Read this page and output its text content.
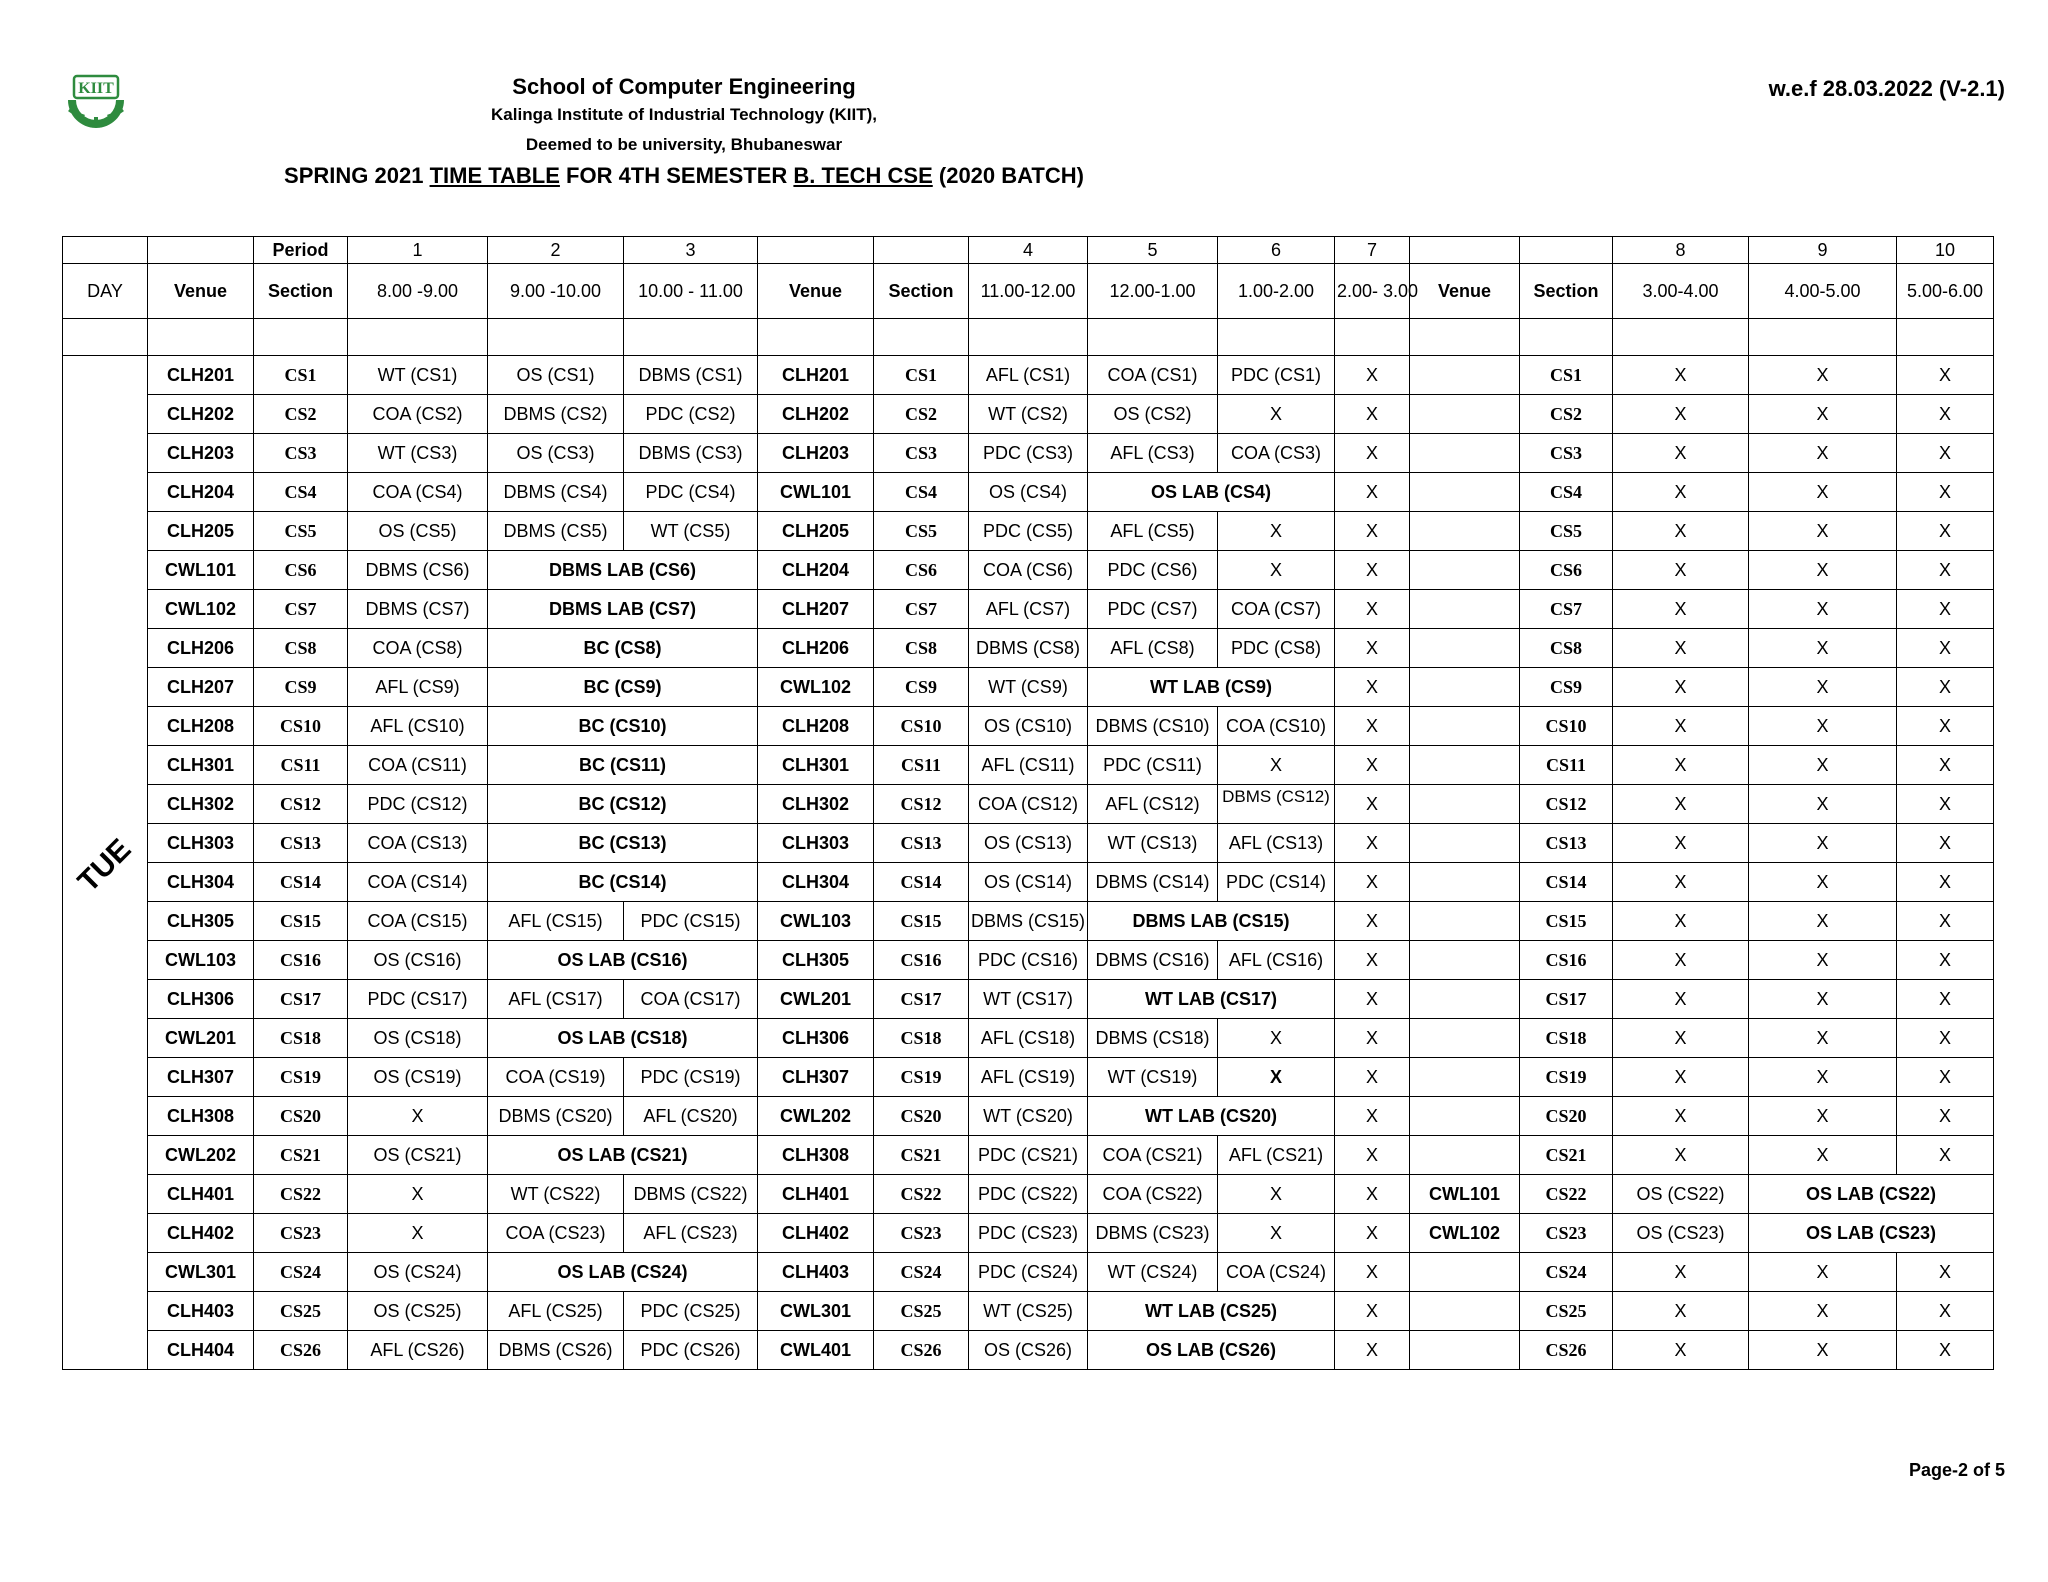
KIIT	School of Computer Engineering
Kalinga Institute of Industrial Technology (KIIT),
Deemed to be university, Bhubaneswar
SPRING 2021 TIME TABLE FOR 4TH SEMESTER B. TECH CSE (2020 BATCH)
w.e.f 28.03.2022 (V-2.1)
		Period	1	2	3			4	5	6	7			8	9	10
DAY	Venue	Section	8.00 -9.00	9.00 -10.00	10.00 - 11.00	Venue	Section	11.00-12.00	12.00-1.00	1.00-2.00	2.00- 3.00	Venue	Section	3.00-4.00	4.00-5.00	5.00-6.00

TUE	CLH201	CS1	WT (CS1)	OS (CS1)	DBMS (CS1)	CLH201	CS1	AFL (CS1)	COA (CS1)	PDC (CS1)	X		CS1	X	X	X
	CLH202	CS2	COA (CS2)	DBMS (CS2)	PDC (CS2)	CLH202	CS2	WT (CS2)	OS (CS2)	X	X		CS2	X	X	X
	CLH203	CS3	WT (CS3)	OS (CS3)	DBMS (CS3)	CLH203	CS3	PDC (CS3)	AFL (CS3)	COA (CS3)	X		CS3	X	X	X
	CLH204	CS4	COA (CS4)	DBMS (CS4)	PDC (CS4)	CWL101	CS4	OS (CS4)	OS LAB (CS4)		X		CS4	X	X	X
	CLH205	CS5	OS (CS5)	DBMS (CS5)	WT (CS5)	CLH205	CS5	PDC (CS5)	AFL (CS5)	X	X		CS5	X	X	X
	CWL101	CS6	DBMS (CS6)	DBMS LAB (CS6)		CLH204	CS6	COA (CS6)	PDC (CS6)	X	X		CS6	X	X	X
	CWL102	CS7	DBMS (CS7)	DBMS LAB (CS7)		CLH207	CS7	AFL (CS7)	PDC (CS7)	COA (CS7)	X		CS7	X	X	X
	CLH206	CS8	COA (CS8)	BC (CS8)		CLH206	CS8	DBMS (CS8)	AFL (CS8)	PDC (CS8)	X		CS8	X	X	X
	CLH207	CS9	AFL (CS9)	BC (CS9)		CWL102	CS9	WT (CS9)	WT LAB (CS9)		X		CS9	X	X	X
	CLH208	CS10	AFL (CS10)	BC (CS10)		CLH208	CS10	OS (CS10)	DBMS (CS10)	COA (CS10)	X		CS10	X	X	X
	CLH301	CS11	COA (CS11)	BC (CS11)		CLH301	CS11	AFL (CS11)	PDC (CS11)	X	X		CS11	X	X	X
	CLH302	CS12	PDC (CS12)	BC (CS12)		CLH302	CS12	COA (CS12)	AFL (CS12)	DBMS (CS12)	X		CS12	X	X	X
	CLH303	CS13	COA (CS13)	BC (CS13)		CLH303	CS13	OS (CS13)	WT (CS13)	AFL (CS13)	X		CS13	X	X	X
	CLH304	CS14	COA (CS14)	BC (CS14)		CLH304	CS14	OS (CS14)	DBMS (CS14)	PDC (CS14)	X		CS14	X	X	X
	CLH305	CS15	COA (CS15)	AFL (CS15)	PDC (CS15)	CWL103	CS15	DBMS (CS15)	DBMS LAB (CS15)		X		CS15	X	X	X
	CWL103	CS16	OS (CS16)	OS LAB (CS16)		CLH305	CS16	PDC (CS16)	DBMS (CS16)	AFL (CS16)	X		CS16	X	X	X
	CLH306	CS17	PDC (CS17)	AFL (CS17)	COA (CS17)	CWL201	CS17	WT (CS17)	WT LAB (CS17)		X		CS17	X	X	X
	CWL201	CS18	OS (CS18)	OS LAB (CS18)		CLH306	CS18	AFL (CS18)	DBMS (CS18)	X	X		CS18	X	X	X
	CLH307	CS19	OS (CS19)	COA (CS19)	PDC (CS19)	CLH307	CS19	AFL (CS19)	WT (CS19)	X	X		CS19	X	X	X
	CLH308	CS20	X	DBMS (CS20)	AFL (CS20)	CWL202	CS20	WT (CS20)	WT LAB (CS20)		X		CS20	X	X	X
	CWL202	CS21	OS (CS21)	OS LAB (CS21)		CLH308	CS21	PDC (CS21)	COA (CS21)	AFL (CS21)	X		CS21	X	X	X
	CLH401	CS22	X	WT (CS22)	DBMS (CS22)	CLH401	CS22	PDC (CS22)	COA (CS22)	X	X	CWL101	CS22	OS (CS22)	OS LAB (CS22)	
	CLH402	CS23	X	COA (CS23)	AFL (CS23)	CLH402	CS23	PDC (CS23)	DBMS (CS23)	X	X	CWL102	CS23	OS (CS23)	OS LAB (CS23)	
	CWL301	CS24	OS (CS24)	OS LAB (CS24)		CLH403	CS24	PDC (CS24)	WT (CS24)	COA (CS24)	X		CS24	X	X	X
	CLH403	CS25	OS (CS25)	AFL (CS25)	PDC (CS25)	CWL301	CS25	WT (CS25)	WT LAB (CS25)		X		CS25	X	X	X
	CLH404	CS26	AFL (CS26)	DBMS (CS26)	PDC (CS26)	CWL401	CS26	OS (CS26)	OS LAB (CS26)		X		CS26	X	X	X
Page-2 of 5
